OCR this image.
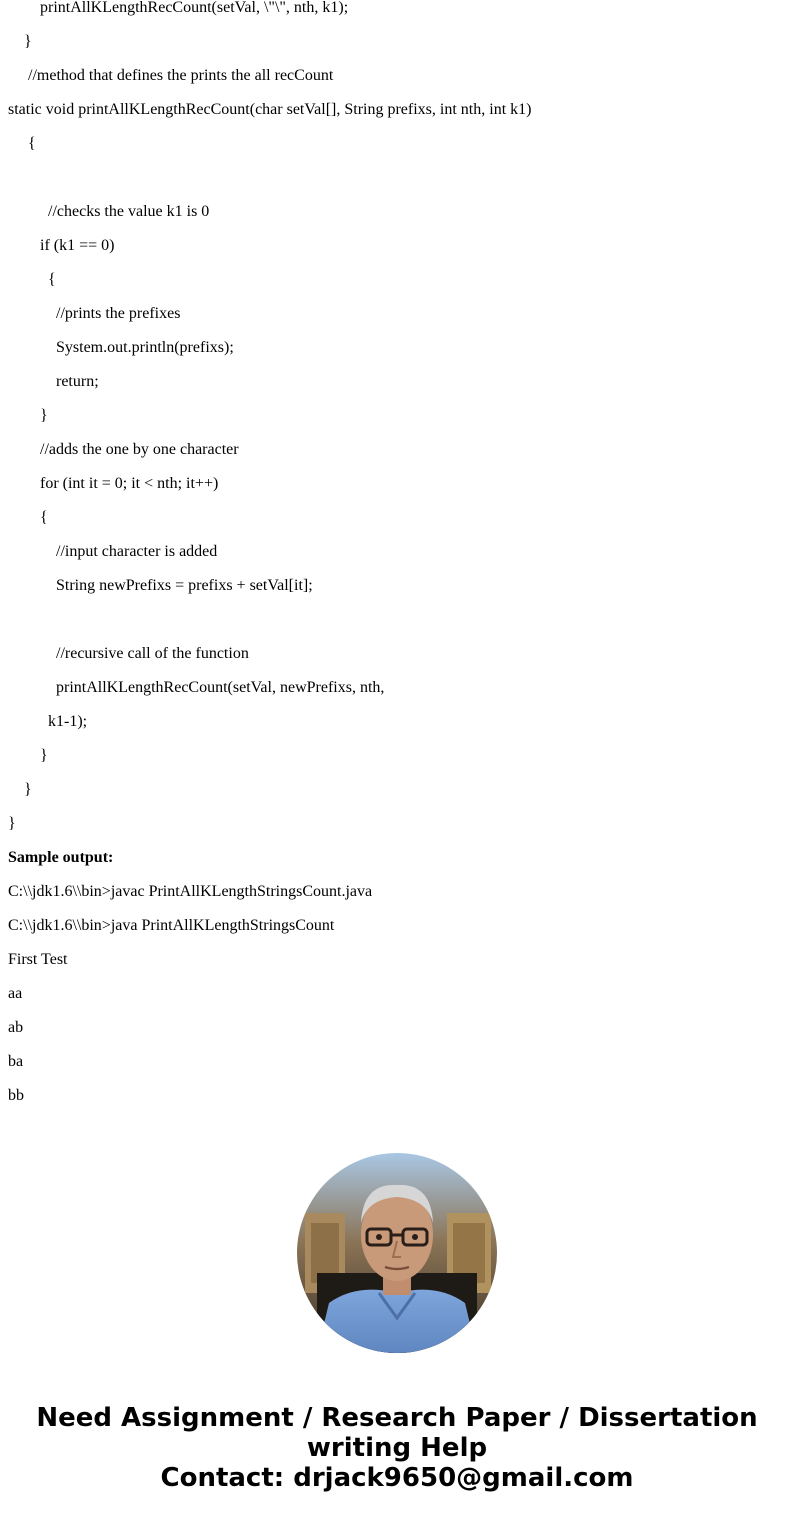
printAllKLengthRecCount(setVal, \"\", nth, k1);
}
//method that defines the prints the all recCount
static void printAllKLengthRecCount(char setVal[], String prefixs, int nth, int k1)
{
//checks the value k1 is 0
if (k1 == 0)
{
//prints the prefixes
System.out.println(prefixs);
return;
}
//adds the one by one character
for (int it = 0; it < nth; it++)
{
//input character is added
String newPrefixs = prefixs + setVal[it];
//recursive call of the function
printAllKLengthRecCount(setVal, newPrefixs, nth,
k1-1);
}
}
}
Sample output:
C:\\jdk1.6\\bin>javac PrintAllKLengthStringsCount.java
C:\\jdk1.6\\bin>java PrintAllKLengthStringsCount
First Test
aa
ab
ba
bb
Need Assignment / Research Paper / Dissertation
writing Help
Contact: drjack9650@gmail.com
